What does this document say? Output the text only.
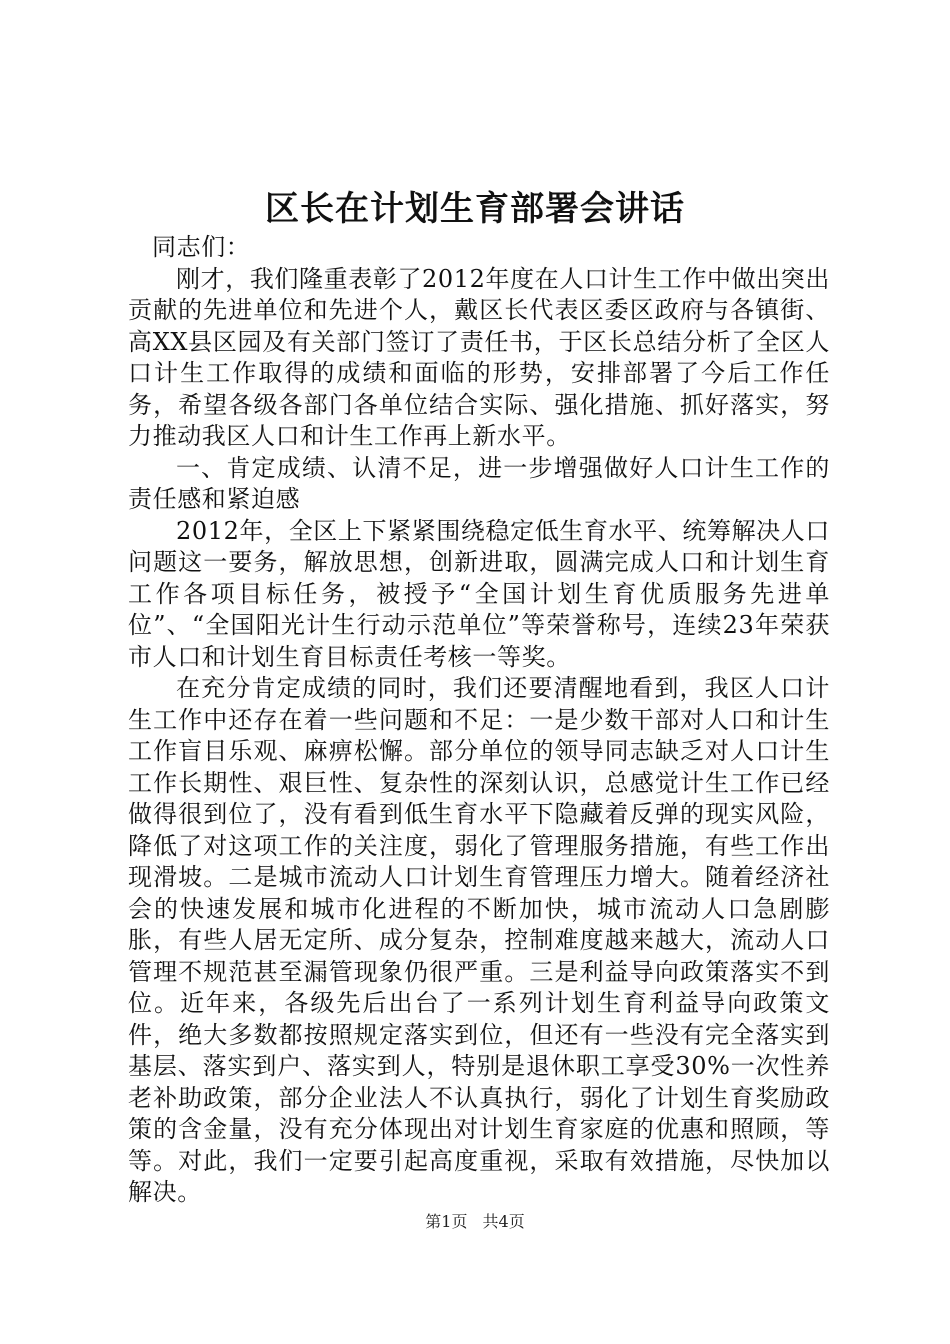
区长在计划生育部署会讲话

同志们：

刚才，我们隆重表彰了2012年度在人口计生工作中做出突出贡献的先进单位和先进个人，戴区长代表区委区政府与各镇街、高XX县区园及有关部门签订了责任书，于区长总结分析了全区人口计生工作取得的成绩和面临的形势，安排部署了今后工作任务，希望各级各部门各单位结合实际、强化措施、抓好落实，努力推动我区人口和计生工作再上新水平。

一、肯定成绩、认清不足，进一步增强做好人口计生工作的责任感和紧迫感

2012年，全区上下紧紧围绕稳定低生育水平、统筹解决人口问题这一要务，解放思想，创新进取，圆满完成人口和计划生育工作各项目标任务，被授予“全国计划生育优质服务先进单位”、“全国阳光计生行动示范单位”等荣誉称号，连续23年荣获市人口和计划生育目标责任考核一等奖。

在充分肯定成绩的同时，我们还要清醒地看到，我区人口计生工作中还存在着一些问题和不足：一是少数干部对人口和计生工作盲目乐观、麻痹松懈。部分单位的领导同志缺乏对人口计生工作长期性、艰巨性、复杂性的深刻认识，总感觉计生工作已经做得很到位了，没有看到低生育水平下隐藏着反弹的现实风险，降低了对这项工作的关注度，弱化了管理服务措施，有些工作出现滑坡。二是城市流动人口计划生育管理压力增大。随着经济社会的快速发展和城市化进程的不断加快，城市流动人口急剧膨胀，有些人居无定所、成分复杂，控制难度越来越大，流动人口管理不规范甚至漏管现象仍很严重。三是利益导向政策落实不到位。近年来，各级先后出台了一系列计划生育利益导向政策文件，绝大多数都按照规定落实到位，但还有一些没有完全落实到基层、落实到户、落实到人，特别是退休职工享受30%一次性养老补助政策，部分企业法人不认真执行，弱化了计划生育奖励政策的含金量，没有充分体现出对计划生育家庭的优惠和照顾，等等。对此，我们一定要引起高度重视，采取有效措施，尽快加以解决。

第1页 共4页
